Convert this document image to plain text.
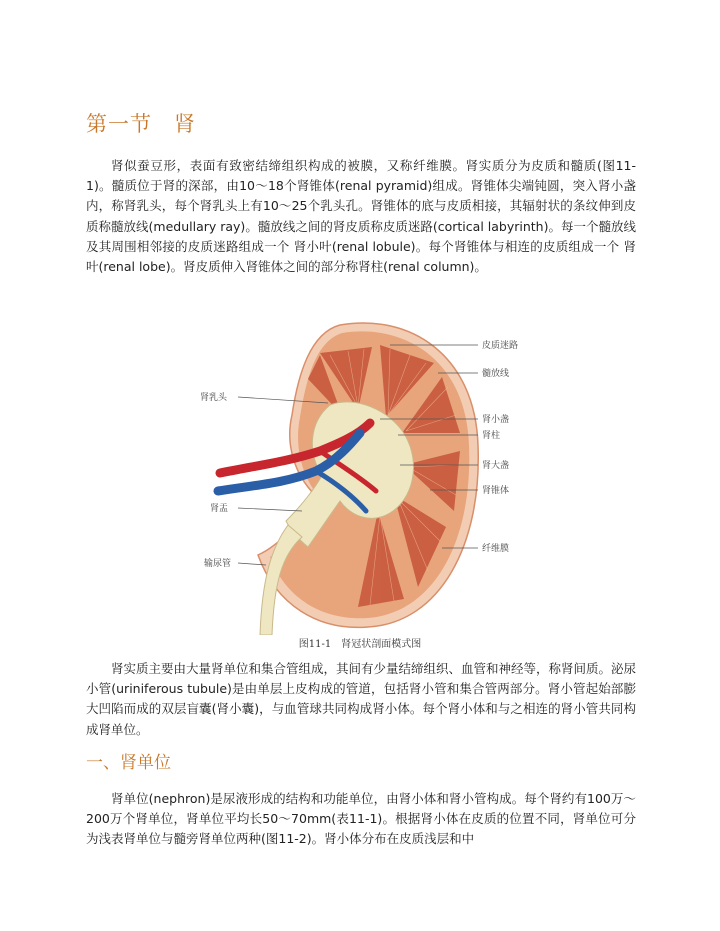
第一节　肾

肾似蚕豆形，表面有致密结缔组织构成的被膜，又称纤维膜。肾实质分为皮质和髓质(图11-1)。髓质位于肾的深部，由10～18个肾锥体(renal pyramid)组成。肾锥体尖端钝圆，突入肾小盏内，称肾乳头，每个肾乳头上有10～25个乳头孔。肾锥体的底与皮质相接，其辐射状的条纹伸到皮质称髓放线(medullary ray)。髓放线之间的肾皮质称皮质迷路(cortical labyrinth)。每一个髓放线及其周围相邻接的皮质迷路组成一个 肾小叶(renal lobule)。每个肾锥体与相连的皮质组成一个 肾叶(renal lobe)。肾皮质伸入肾锥体之间的部分称肾柱(renal column)。

皮质迷路
髓放线
肾乳头
肾小盏
肾柱
肾大盏
肾锥体
肾盂
纤维膜
输尿管
图11-1　肾冠状剖面模式图

肾实质主要由大量肾单位和集合管组成，其间有少量结缔组织、血管和神经等，称肾间质。泌尿小管(uriniferous tubule)是由单层上皮构成的管道，包括肾小管和集合管两部分。肾小管起始部膨大凹陷而成的双层盲囊(肾小囊)，与血管球共同构成肾小体。每个肾小体和与之相连的肾小管共同构成肾单位。

一、肾单位

肾单位(nephron)是尿液形成的结构和功能单位，由肾小体和肾小管构成。每个肾约有100万～200万个肾单位，肾单位平均长50～70mm(表11-1)。根据肾小体在皮质的位置不同，肾单位可分为浅表肾单位与髓旁肾单位两种(图11-2)。肾小体分布在皮质浅层和中
